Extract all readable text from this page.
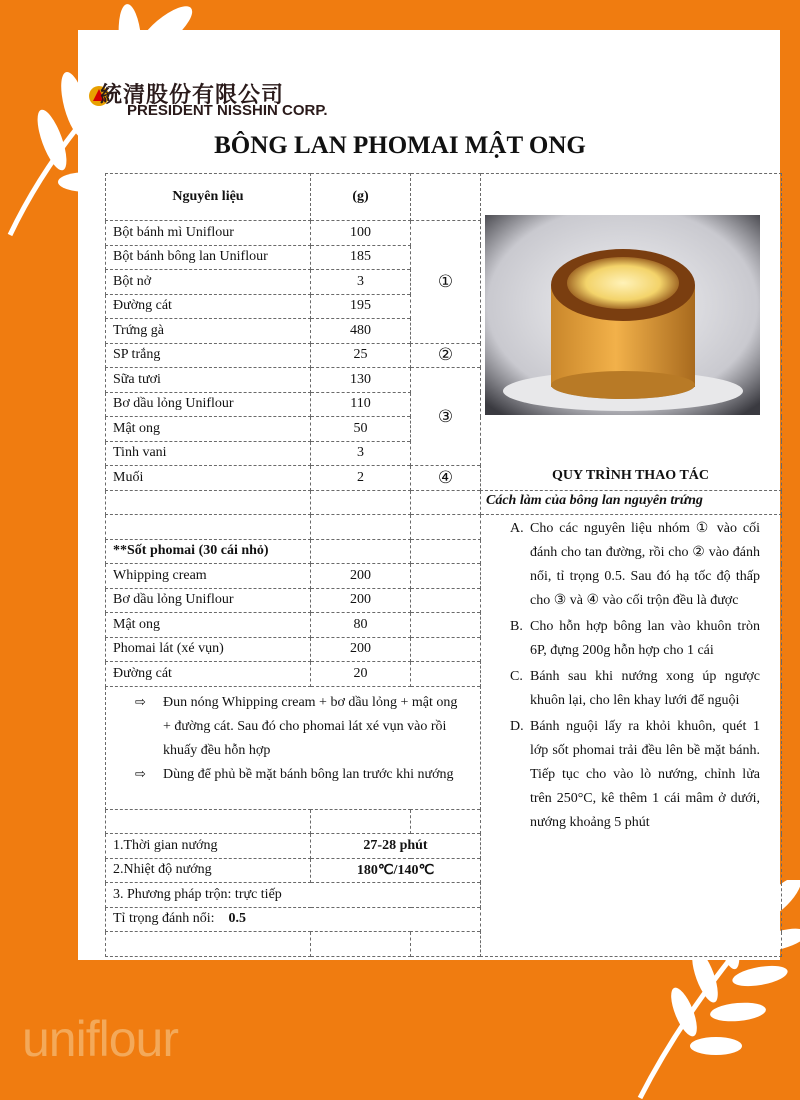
統清股份有限公司
PRESIDENT NISSHIN CORP.
BÔNG LAN PHOMAI MẬT ONG
Nguyên liệu	(g)		
Bột bánh mì Uniflour	100	①	
Bột bánh bông lan Uniflour	185		
Bột nở	3		
Đường cát	195		
Trứng gà	480		
SP trắng	25	②	
Sữa tươi	130	③	
Bơ dầu lỏng Uniflour	110		
Mật ong	50		
Tinh vani	3		
Muối	2	④	

**Sốt phomai (30 cái nhỏ)			
Whipping cream	200		
Bơ dầu lỏng Uniflour	200		
Mật ong	80		
Phomai lát (xé vụn)	200		
Đường cát	20		

1.Thời gian nướng	27-28 phút		
2.Nhiệt độ nướng	180℃/140℃		
3. Phương pháp trộn: trực tiếp			
Tỉ trọng đánh nổi: 0.5			

QUY TRÌNH THAO TÁC
Cách làm của bông lan nguyên trứng
A. Cho các nguyên liệu nhóm ① vào cối đánh cho tan đường, rồi cho ② vào đánh nổi, tỉ trọng 0.5. Sau đó hạ tốc độ thấp cho ③ và ④ vào cối trộn đều là được
B. Cho hỗn hợp bông lan vào khuôn tròn 6P, đựng 200g hỗn hợp cho 1 cái
C. Bánh sau khi nướng xong úp ngược khuôn lại, cho lên khay lưới để nguội
D. Bánh nguội lấy ra khỏi khuôn, quét 1 lớp sốt phomai trải đều lên bề mặt bánh. Tiếp tục cho vào lò nướng, chỉnh lửa trên 250°C, kê thêm 1 cái mâm ở dưới, nướng khoảng 5 phút
⇨ Đun nóng Whipping cream + bơ dầu lỏng + mật ong + đường cát. Sau đó cho phomai lát xé vụn vào rồi khuấy đều hỗn hợp
⇨ Dùng để phủ bề mặt bánh bông lan trước khi nướng
uniflour
